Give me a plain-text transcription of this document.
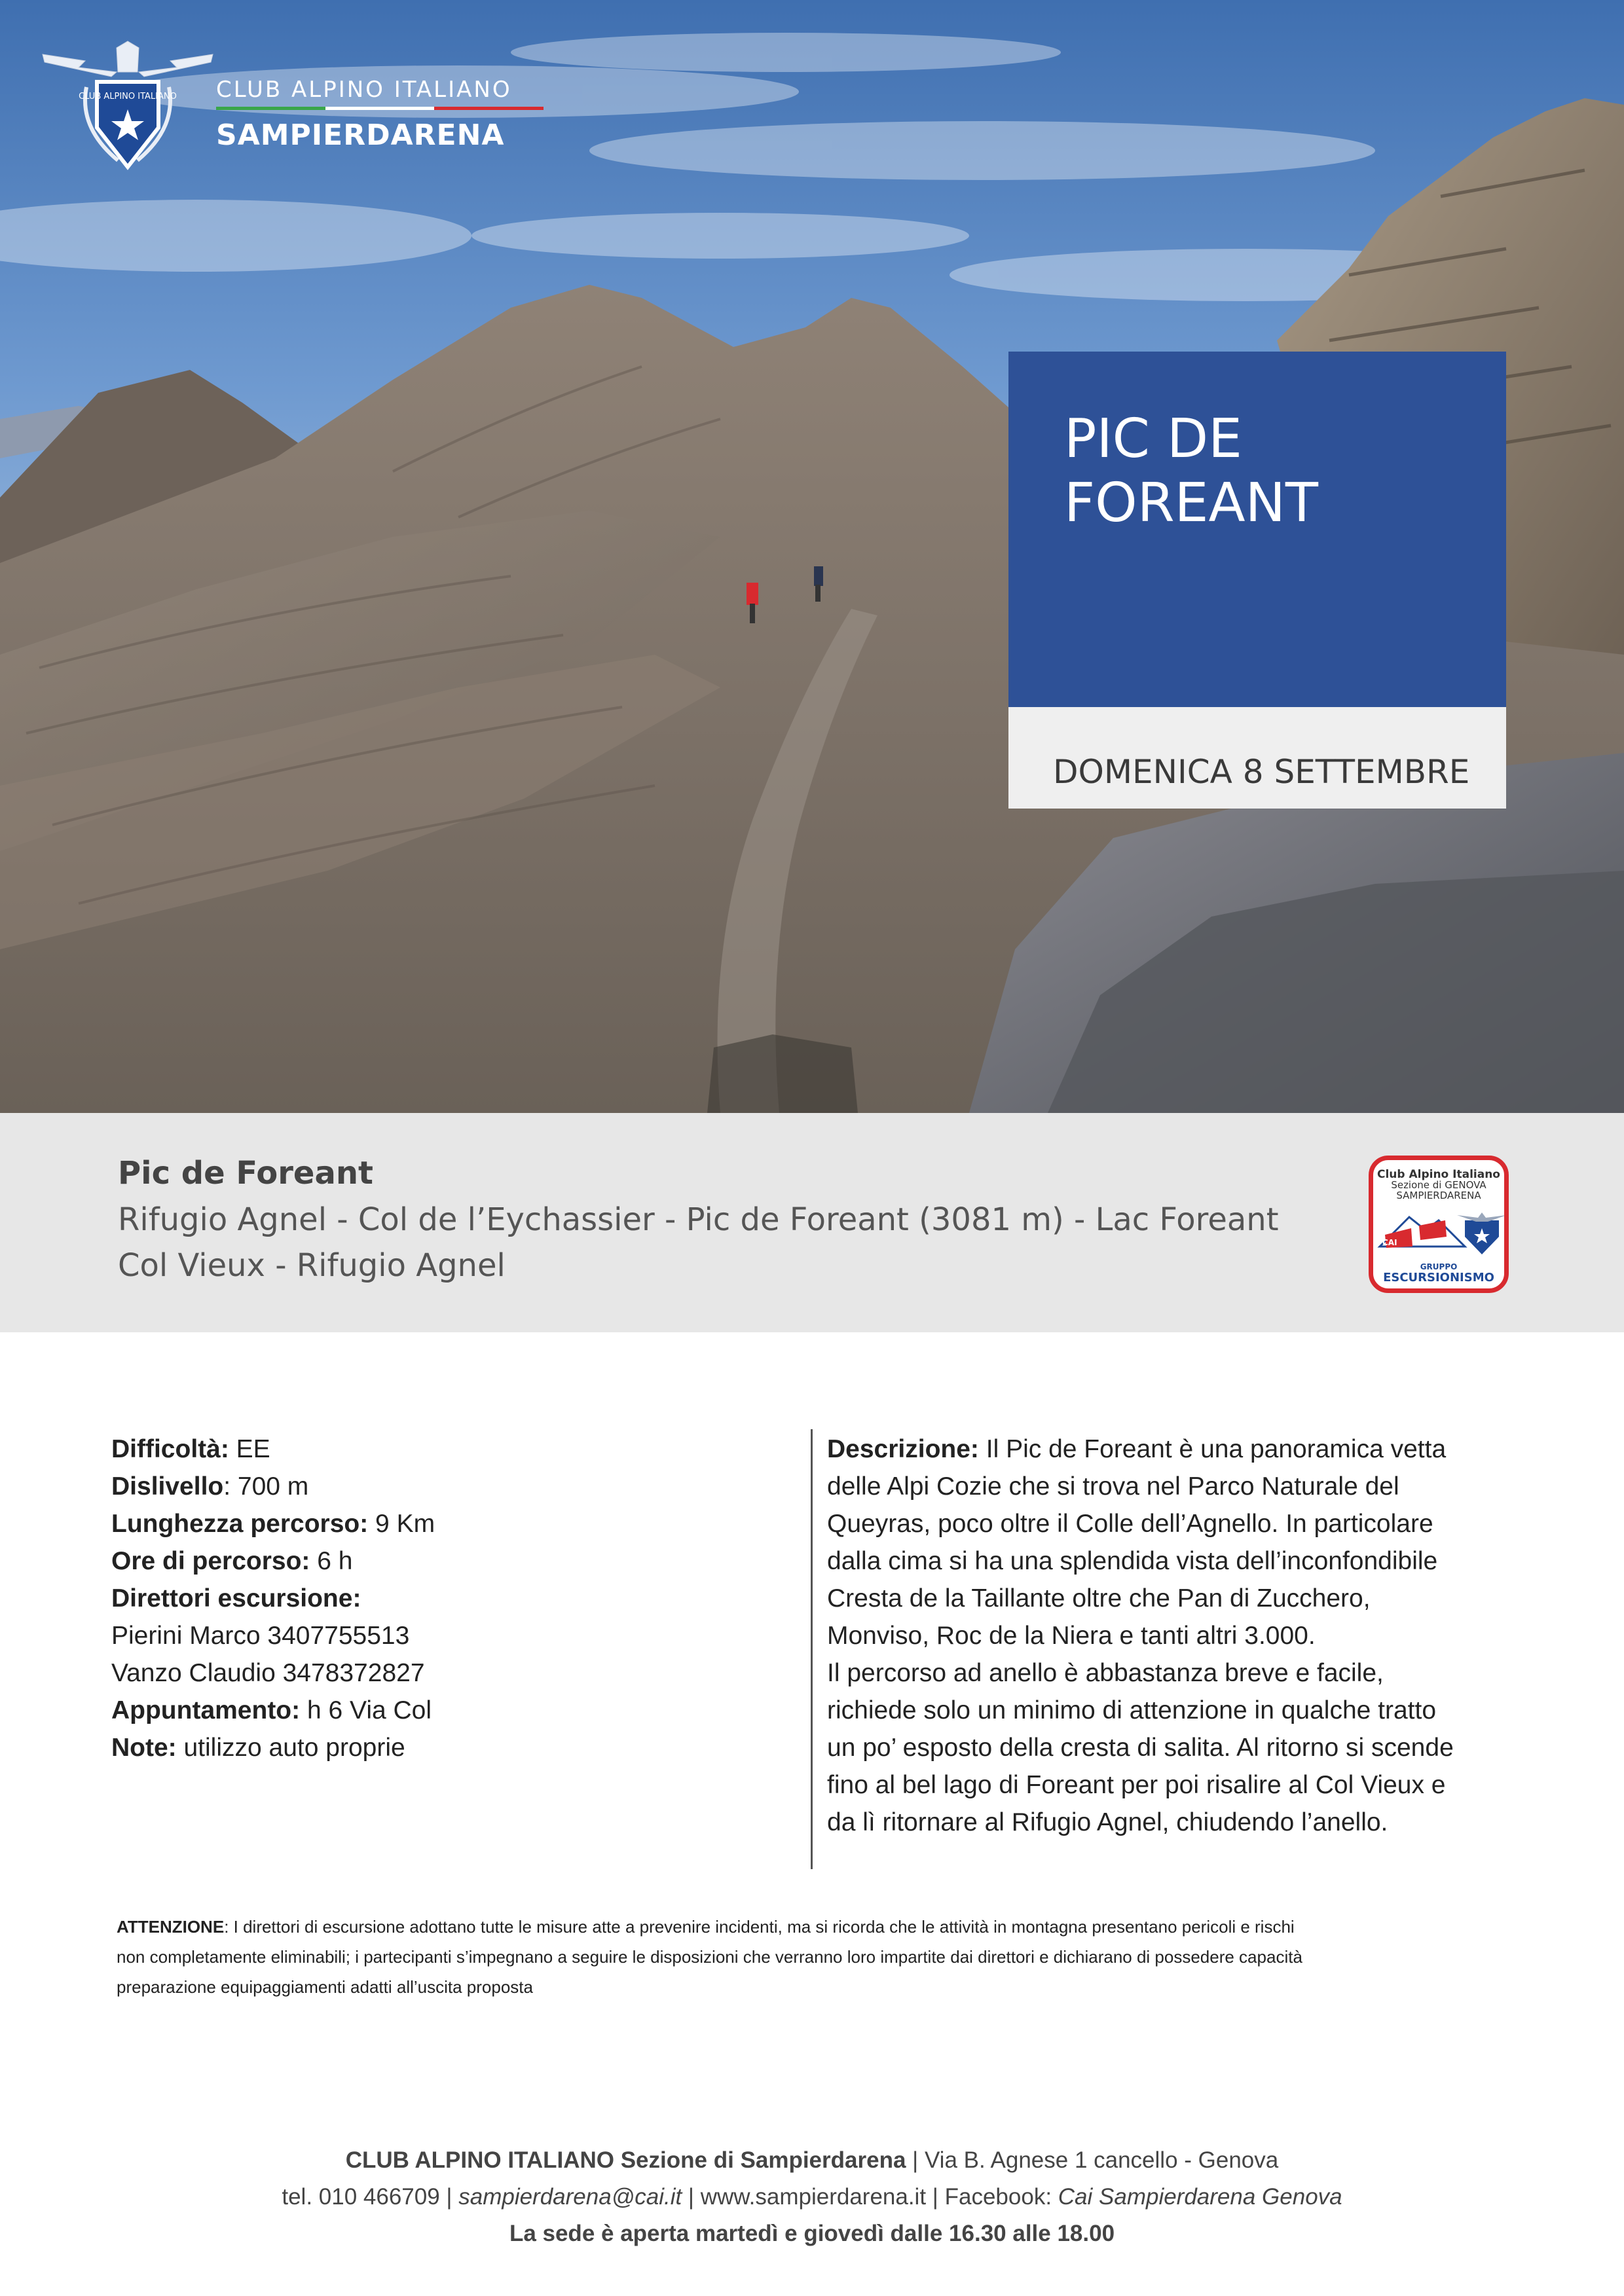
CLUB ALPINO ITALIANO CLUB ALPINO ITALIANO
SAMPIERDARENA
PIC DE FOREANT
DOMENICA 8 SETTEMBRE
Pic de Foreant
Rifugio Agnel - Col de l’Eychassier - Pic de Foreant (3081 m) - Lac Foreant
Col Vieux - Rifugio Agnel
Club Alpino Italiano
Sezione di GENOVA
SAMPIERDARENA
CAI
GRUPPO
ESCURSIONISMO
Difficoltà: EE
Dislivello: 700 m
Lunghezza percorso: 9 Km
Ore di percorso: 6 h
Direttori escursione:
Pierini Marco 3407755513
Vanzo Claudio 3478372827
Appuntamento: h 6 Via Col
Note: utilizzo auto proprie
Descrizione: Il Pic de Foreant è una panoramica vetta
delle Alpi Cozie che si trova nel Parco Naturale del
Queyras, poco oltre il Colle dell’Agnello. In particolare
dalla cima si ha una splendida vista dell’inconfondibile
Cresta de la Taillante oltre che Pan di Zucchero,
Monviso, Roc de la Niera e tanti altri 3.000.
Il percorso ad anello è abbastanza breve e facile,
richiede solo un minimo di attenzione in qualche tratto
un po’ esposto della cresta di salita. Al ritorno si scende
fino al bel lago di Foreant per poi risalire al Col Vieux e
da lì ritornare al Rifugio Agnel, chiudendo l’anello.
ATTENZIONE: I direttori di escursione adottano tutte le misure atte a prevenire incidenti, ma si ricorda che le attività in montagna presentano pericoli e rischi
non completamente eliminabili; i partecipanti s’impegnano a seguire le disposizioni che verranno loro impartite dai direttori e dichiarano di possedere capacità
preparazione equipaggiamenti adatti all’uscita proposta
CLUB ALPINO ITALIANO Sezione di Sampierdarena | Via B. Agnese 1 cancello - Genova
tel. 010 466709 | sampierdarena@cai.it | www.sampierdarena.it | Facebook: Cai Sampierdarena Genova
La sede è aperta martedì e giovedì dalle 16.30 alle 18.00
